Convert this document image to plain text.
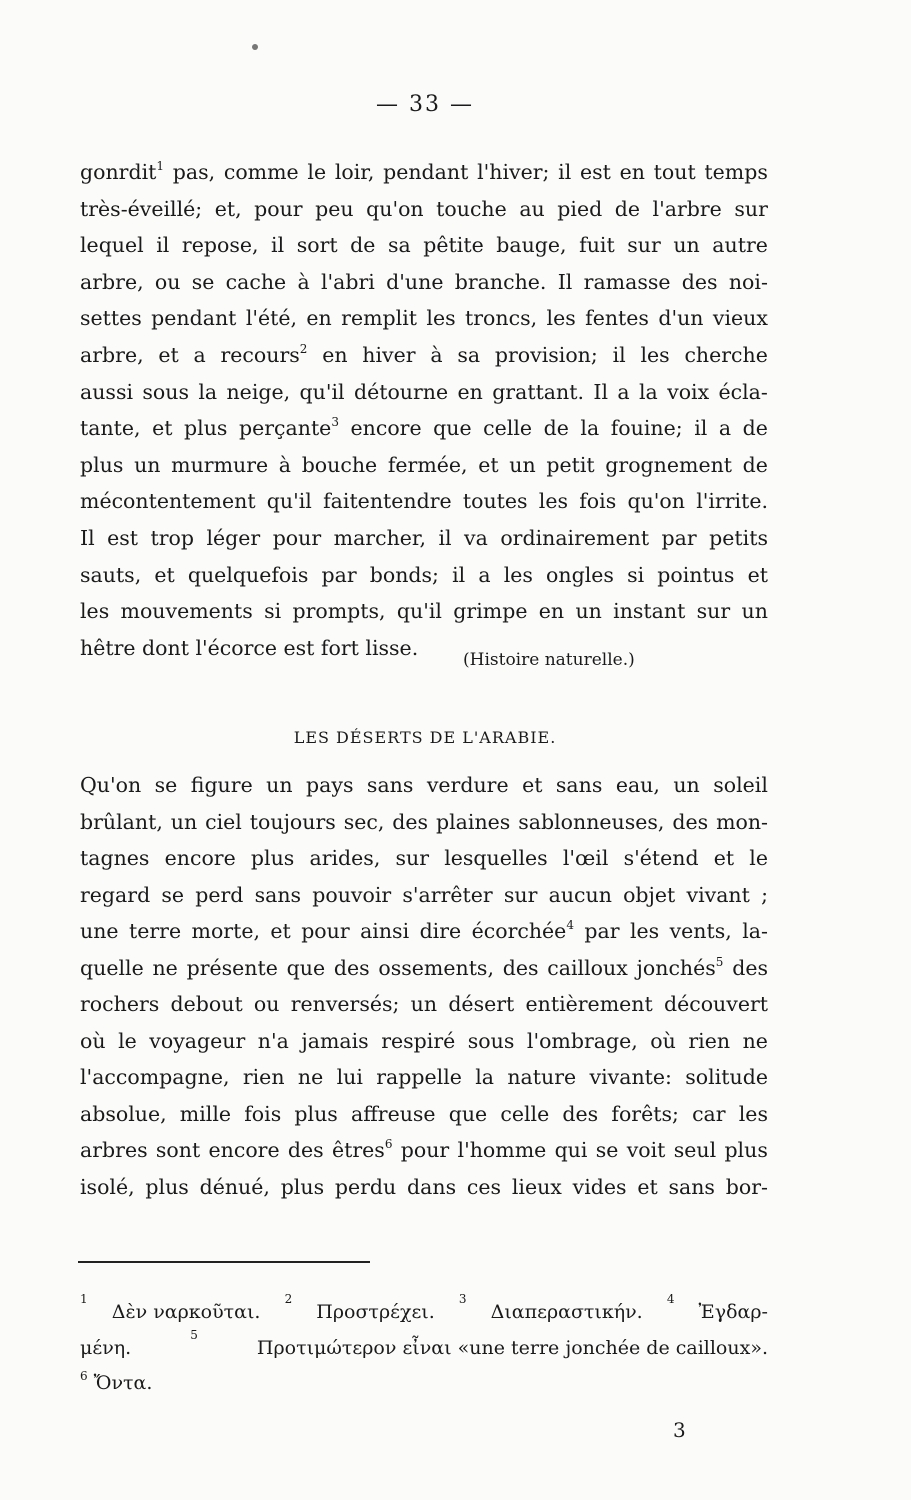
— 33 —
gonrdit$^1$ pas, comme le loir, pendant l'hiver; il est en tout temps
très-éveillé; et, pour peu qu'on touche au pied de l'arbre sur
lequel il repose, il sort de sa pêtite bauge, fuit sur un autre
arbre, ou se cache à l'abri d'une branche. Il ramasse des noi-
settes pendant l'été, en remplit les troncs, les fentes d'un vieux
arbre, et a recours$^2$ en hiver à sa provision; il les cherche
aussi sous la neige, qu'il détourne en grattant. Il a la voix écla-
tante, et plus perçante$^3$ encore que celle de la fouine; il a de
plus un murmure à bouche fermée, et un petit grognement de
mécontentement qu'il faitentendre toutes les fois qu'on l'irrite.
Il est trop léger pour marcher, il va ordinairement par petits
sauts, et quelquefois par bonds; il a les ongles si pointus et
les mouvements si prompts, qu'il grimpe en un instant sur un
hêtre dont l'écorce est fort lisse.
(Histoire naturelle.)
LES DÉSERTS DE L'ARABIE.
Qu'on se figure un pays sans verdure et sans eau, un soleil
brûlant, un ciel toujours sec, des plaines sablonneuses, des mon-
tagnes encore plus arides, sur lesquelles l'œil s'étend et le
regard se perd sans pouvoir s'arrêter sur aucun objet vivant ;
une terre morte, et pour ainsi dire écorchée$^4$ par les vents, la-
quelle ne présente que des ossements, des cailloux jonchés$^5$ des
rochers debout ou renversés; un désert entièrement découvert
où le voyageur n'a jamais respiré sous l'ombrage, où rien ne
l'accompagne, rien ne lui rappelle la nature vivante: solitude
absolue, mille fois plus affreuse que celle des forêts; car les
arbres sont encore des êtres$^6$ pour l'homme qui se voit seul plus
isolé, plus dénué, plus perdu dans ces lieux vides et sans bor-
1
Δὲν ναρκοῦται.
2
Προστρέχει.
3
Διαπεραστικήν.
4
Ἐγδαρ-
μένη.
5
Προτιμώτερον εἶναι «une terre jonchée de cailloux».
$^6$ Ὄντα.
3
